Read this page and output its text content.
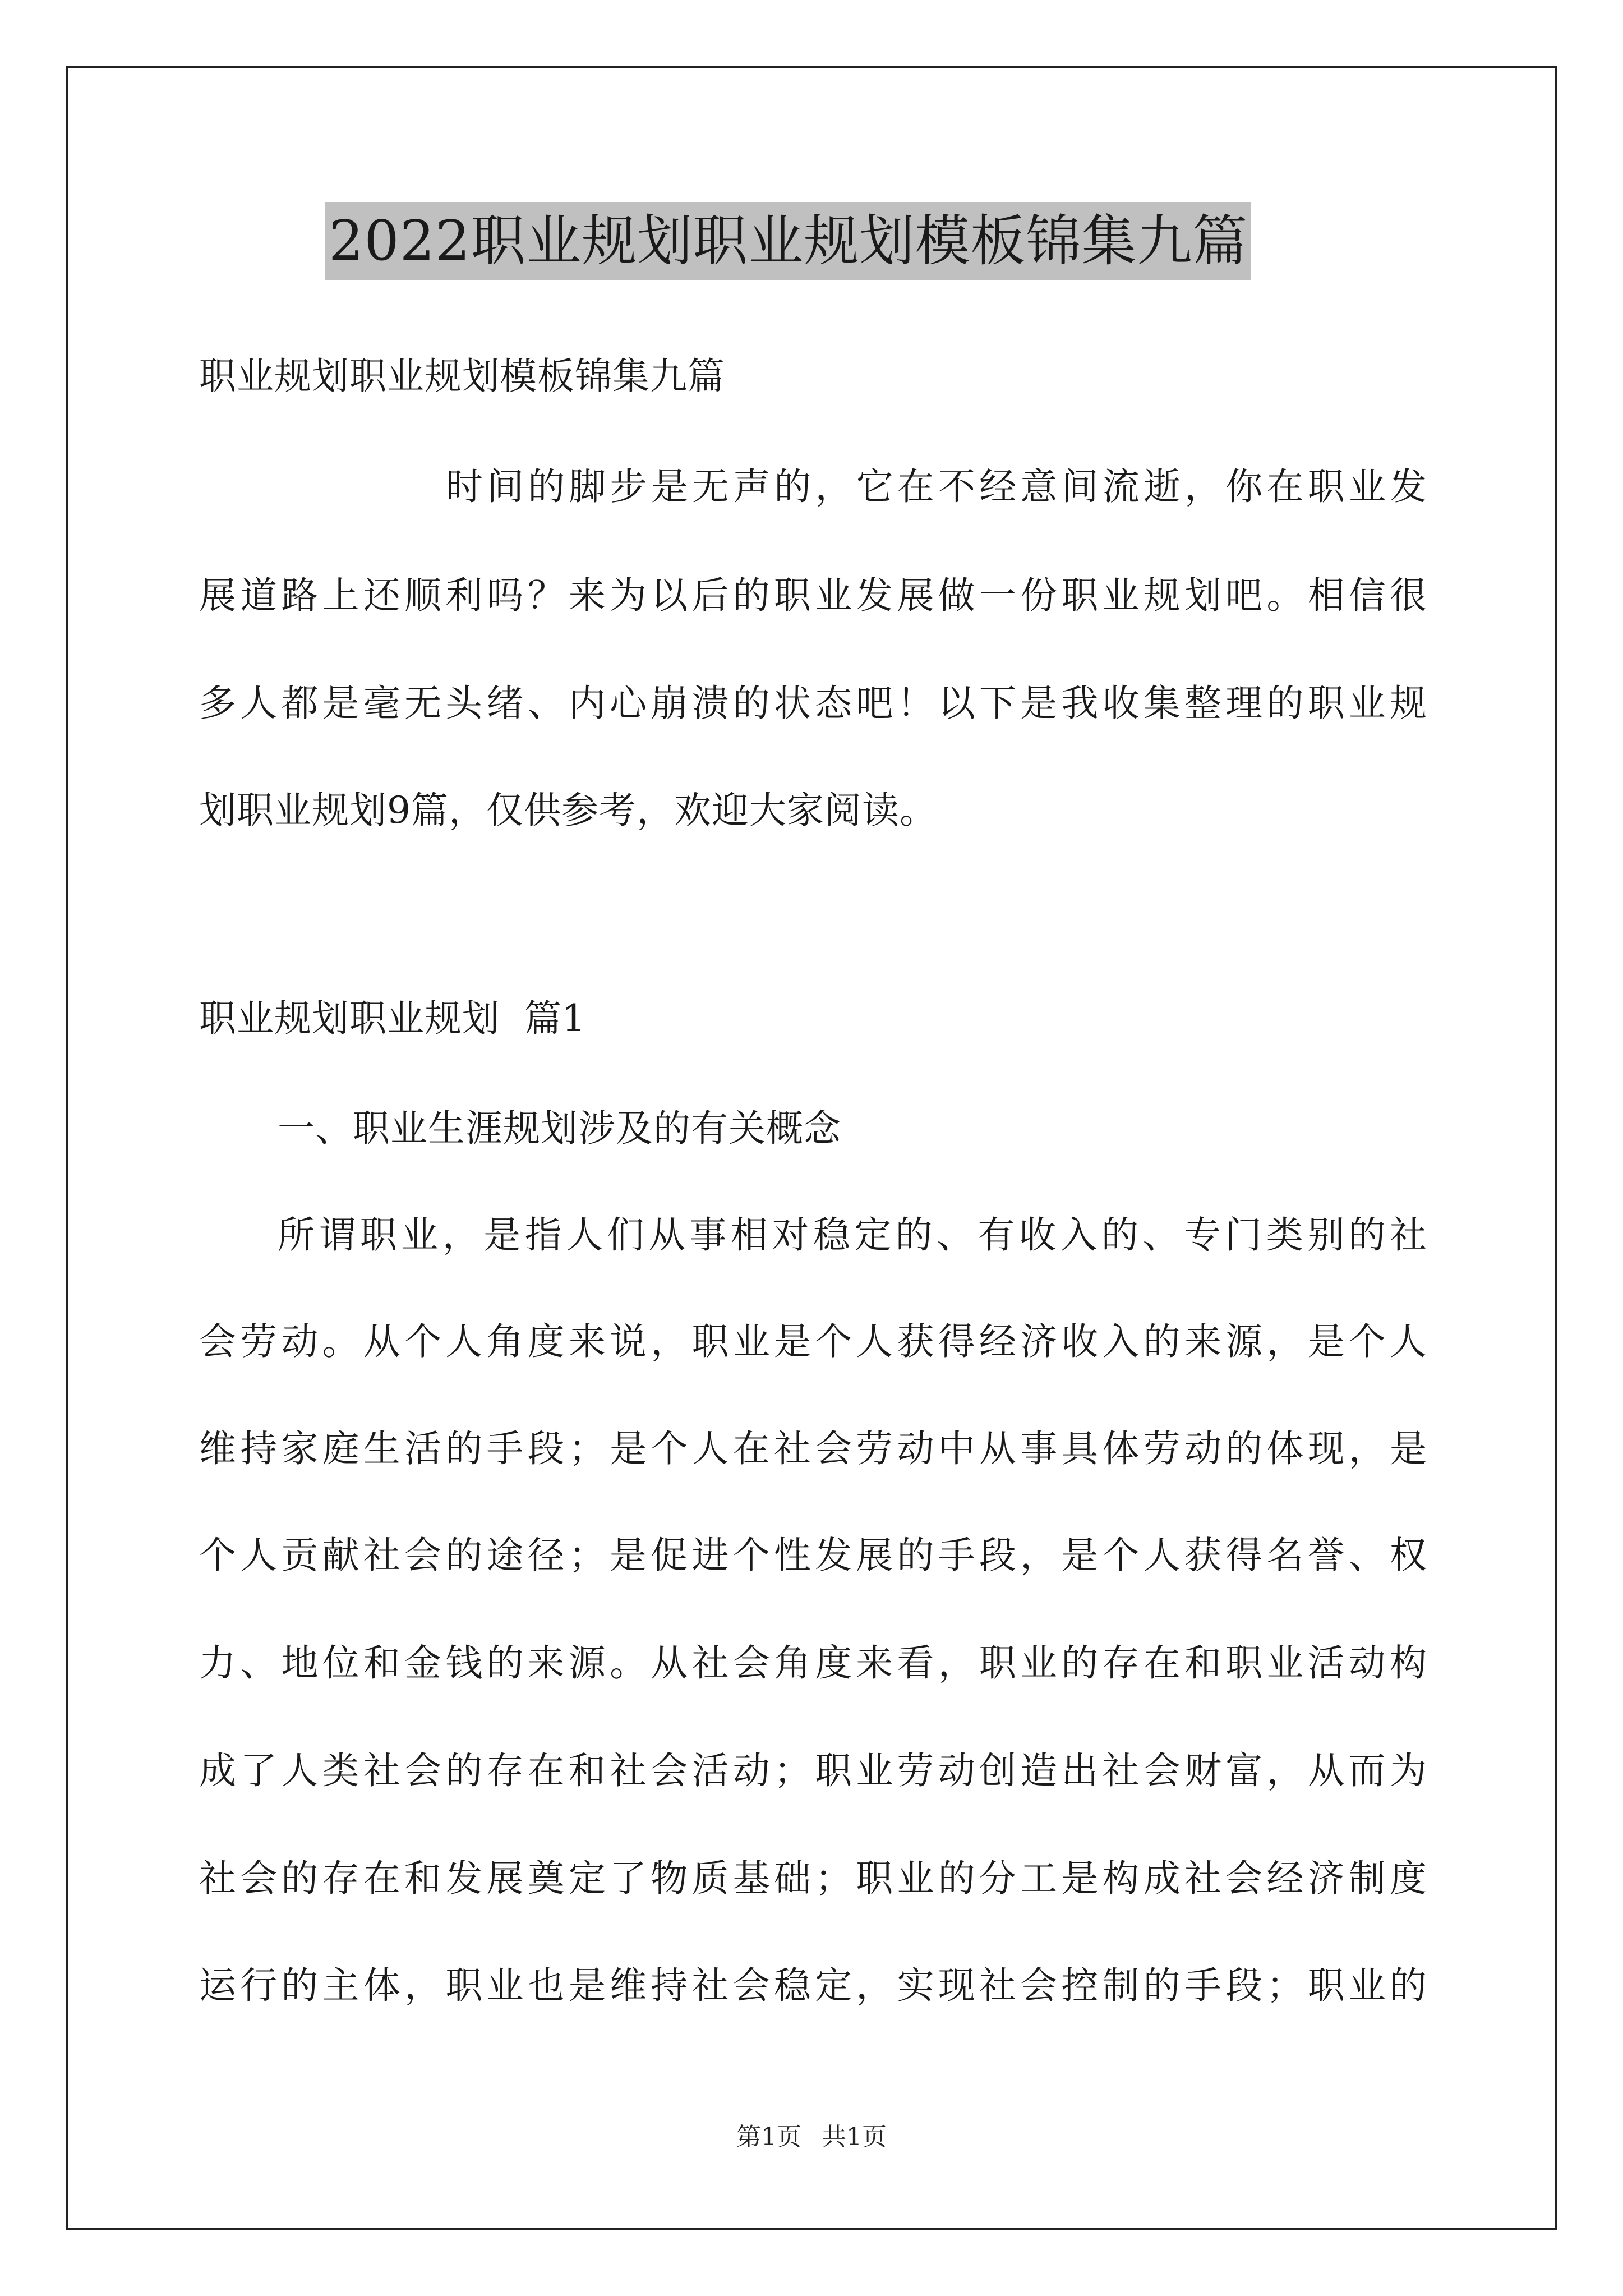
2022职业规划职业规划模板锦集九篇
职业规划职业规划模板锦集九篇
时间的脚步是无声的，它在不经意间流逝，你在职业发
展道路上还顺利吗？来为以后的职业发展做一份职业规划吧。相信很
多人都是毫无头绪、内心崩溃的状态吧！以下是我收集整理的职业规
划职业规划9篇，仅供参考，欢迎大家阅读。
职业规划职业规划  篇1
一、职业生涯规划涉及的有关概念
所谓职业，是指人们从事相对稳定的、有收入的、专门类别的社
会劳动。从个人角度来说，职业是个人获得经济收入的来源，是个人
维持家庭生活的手段；是个人在社会劳动中从事具体劳动的体现，是
个人贡献社会的途径；是促进个性发展的手段，是个人获得名誉、权
力、地位和金钱的来源。从社会角度来看，职业的存在和职业活动构
成了人类社会的存在和社会活动；职业劳动创造出社会财富，从而为
社会的存在和发展奠定了物质基础；职业的分工是构成社会经济制度
运行的主体，职业也是维持社会稳定，实现社会控制的手段；职业的
第1页 共1页
